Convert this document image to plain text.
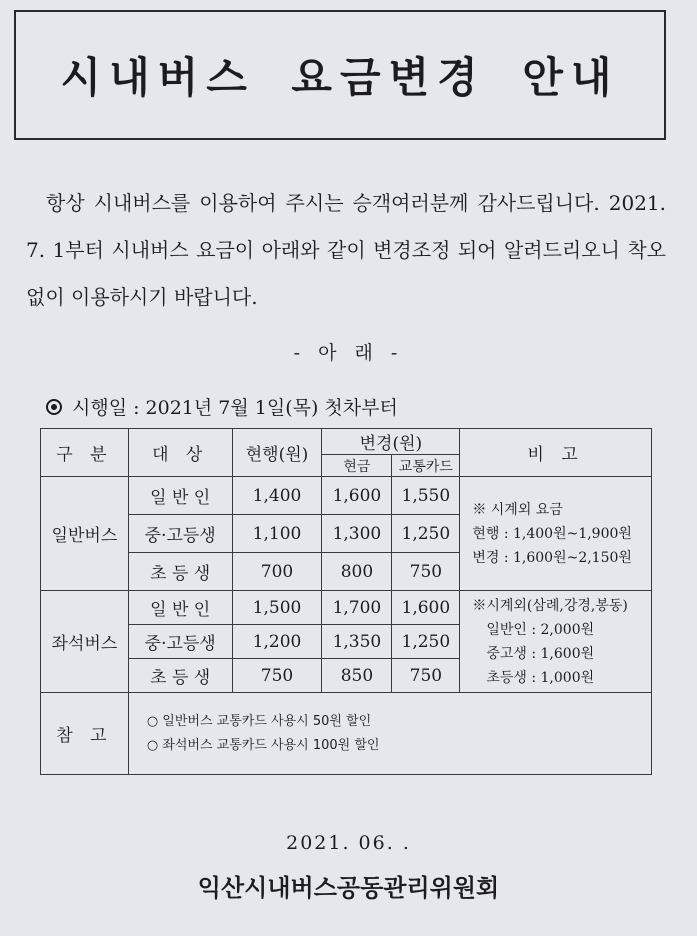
시내버스 요금변경 안내

항상 시내버스를 이용하여 주시는 승객여러분께 감사드립니다. 2021. 7. 1부터 시내버스 요금이 아래와 같이 변경조정 되어 알려드리오니 착오없이 이용하시기 바랍니다.

- 아 래 -
시행일 : 2021년 7월 1일(목) 첫차부터
구 분	대 상	현행(원)	변경(원)		비 고
			현금	교통카드	
일반버스	일 반 인	1,400	1,600	1,550	※ 시계외 요금
현행 : 1,400원~1,900원
변경 : 1,600원~2,150원

	중·고등생	1,100	1,300	1,250	
	초 등 생	700	800	750	
좌석버스	일 반 인	1,500	1,700	1,600	※시계외(삼례,강경,봉동)
일반인 : 2,000원
중고생 : 1,600원
초등생 : 1,000원

	중·고등생	1,200	1,350	1,250	
	초 등 생	750	850	750	
참 고	○ 일반버스 교통카드 사용시 50원 할인
○ 좌석버스 교통카드 사용시 100원 할인				
2021. 06. .
익산시내버스공동관리위원회
